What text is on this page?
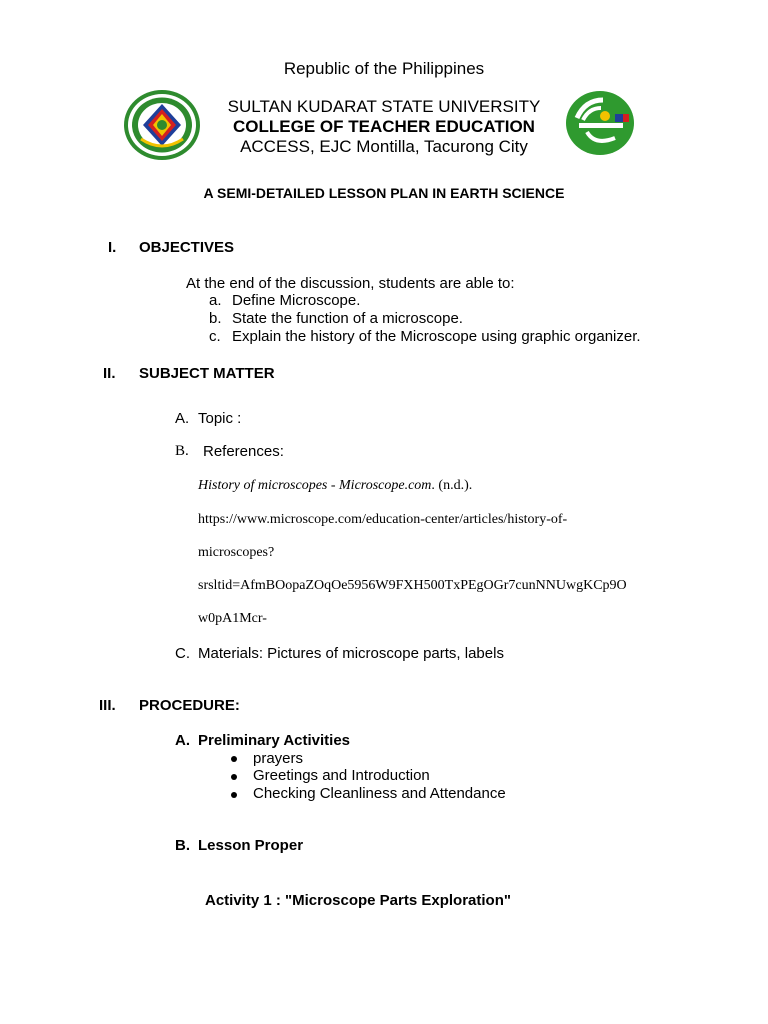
Republic of the Philippines
SULTAN KUDARAT STATE UNIVERSITY
COLLEGE OF TEACHER EDUCATION
ACCESS, EJC Montilla, Tacurong City
A SEMI-DETAILED LESSON PLAN IN EARTH SCIENCE
I. OBJECTIVES
At the end of the discussion, students are able to:
a. Define Microscope.
b. State the function of a microscope.
c. Explain the history of the Microscope using graphic organizer.
II. SUBJECT MATTER
A. Topic :
B. References:
History of microscopes - Microscope.com. (n.d.).
https://www.microscope.com/education-center/articles/history-of-
microscopes?
srsltid=AfmBOopaZOqOe5956W9FXH500TxPEgOGr7cunNNUwgKCp9O
w0pA1Mcr-
C. Materials: Pictures of microscope parts, labels
III. PROCEDURE:
A. Preliminary Activities
prayers
Greetings and Introduction
Checking Cleanliness and Attendance
B. Lesson Proper
Activity 1 : "Microscope Parts Exploration"
